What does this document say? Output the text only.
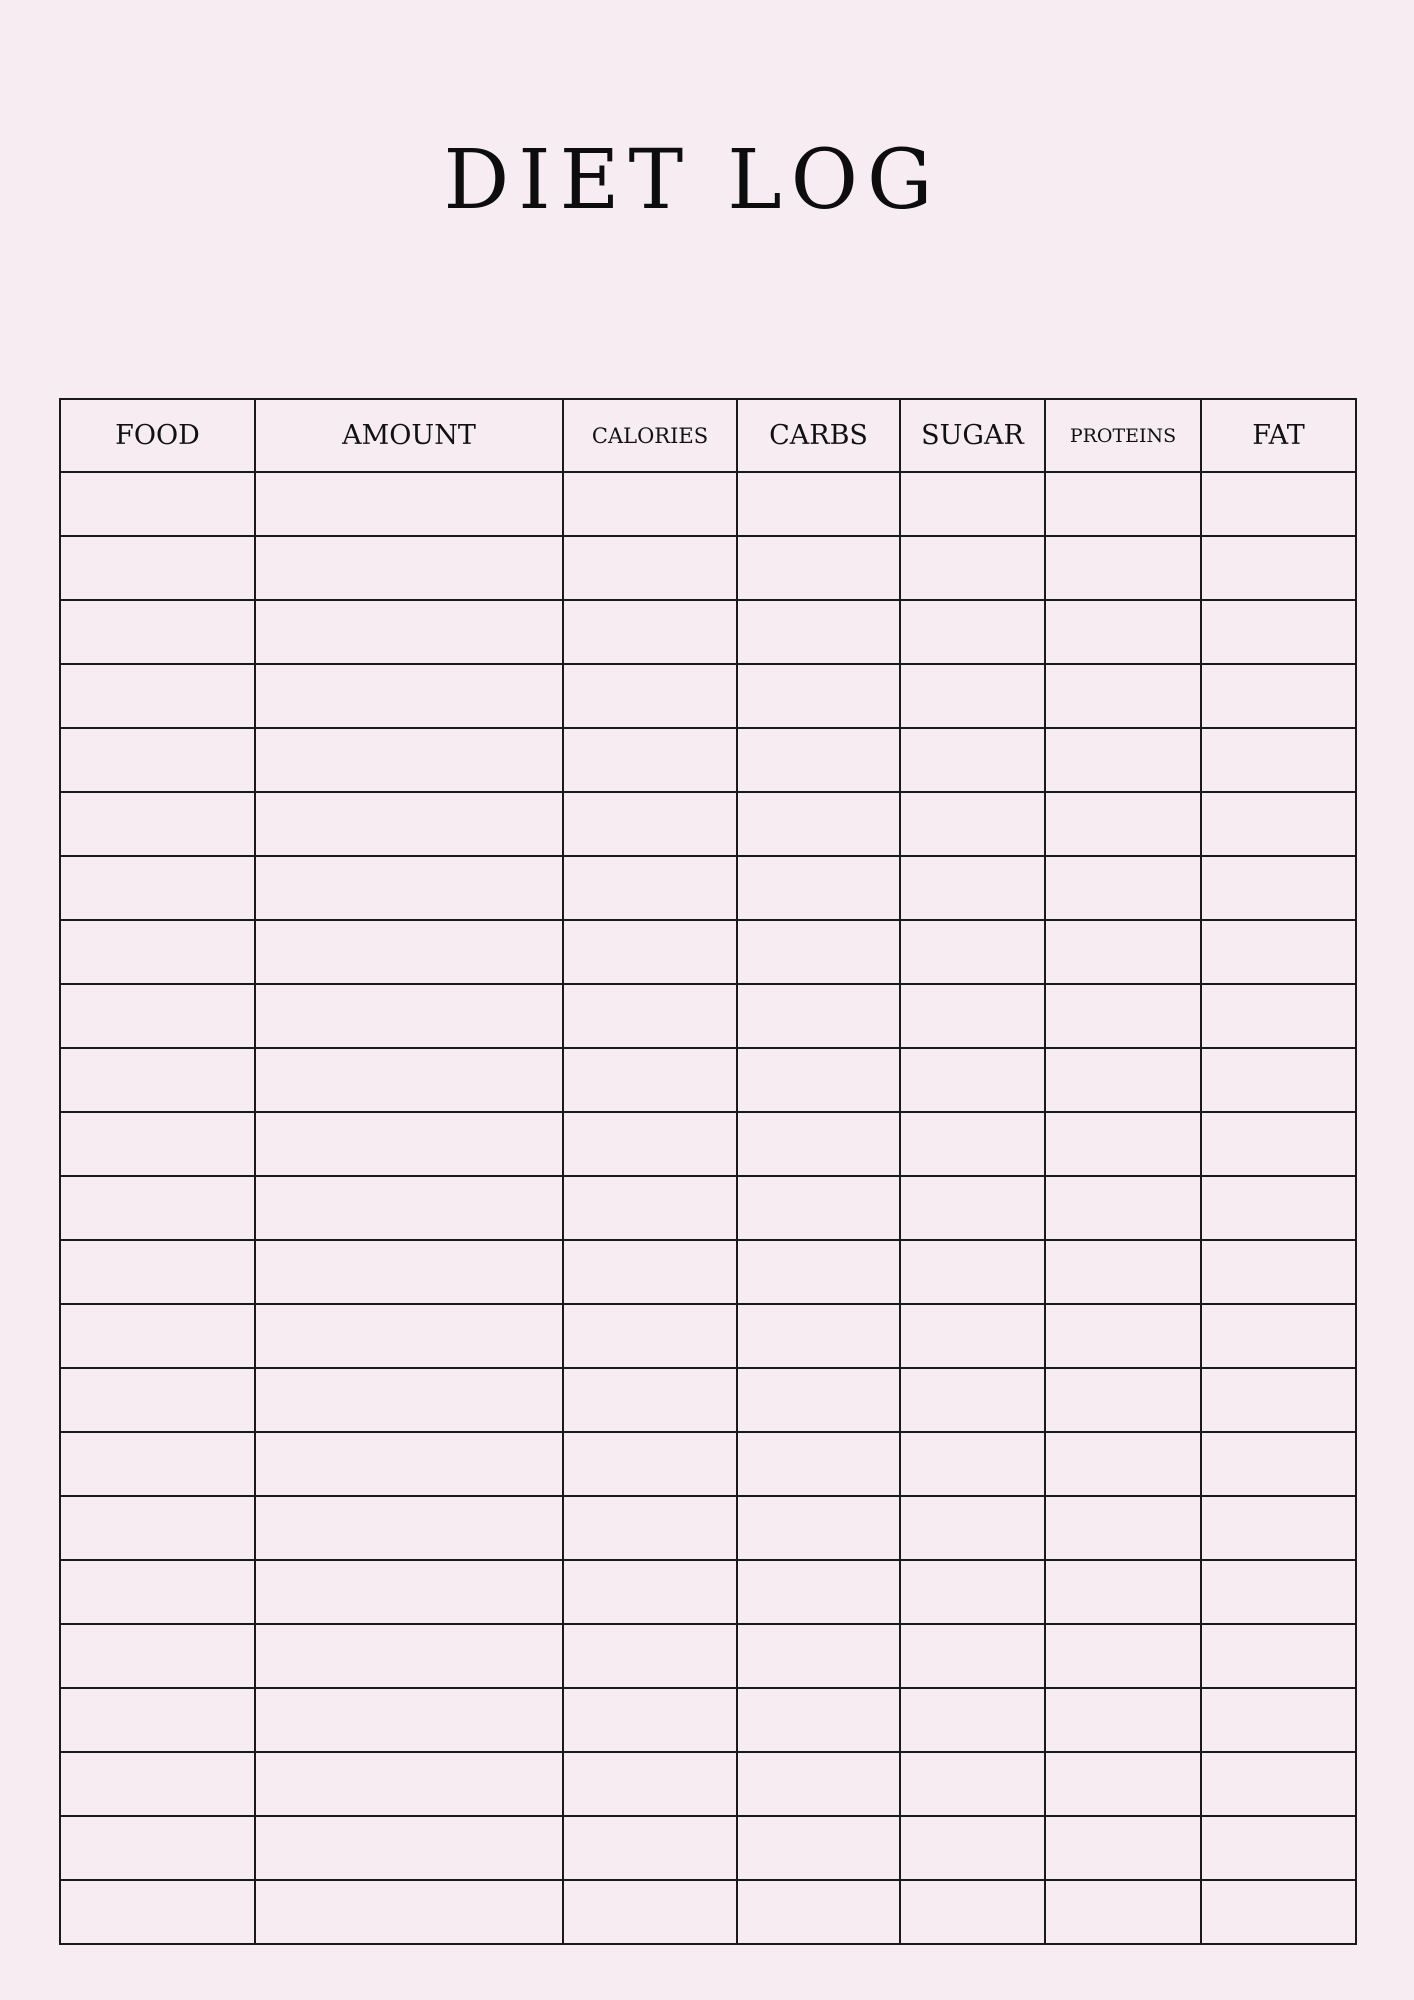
DIET LOG
FOOD	AMOUNT	CALORIES	CARBS	SUGAR	PROTEINS	FAT
